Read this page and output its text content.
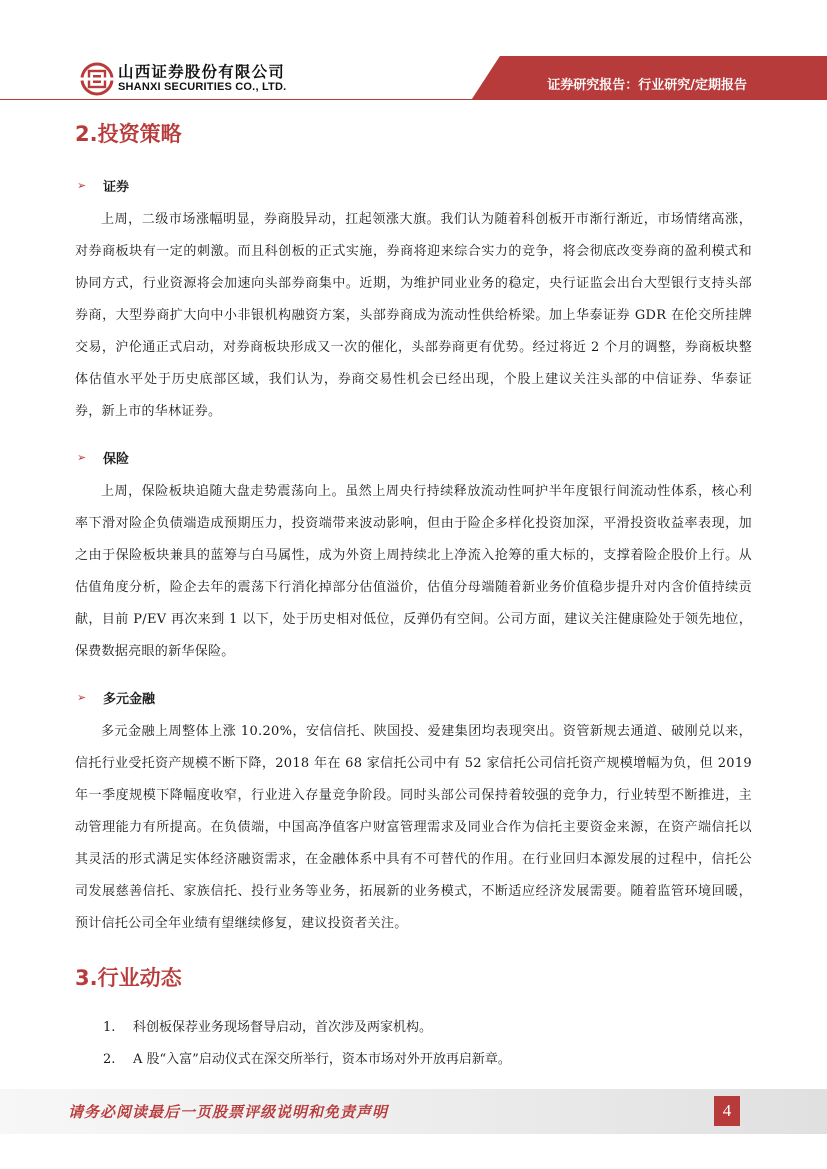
山西证券股份有限公司
SHANXI SECURITIES CO., LTD.	证券研究报告：行业研究/定期报告
2.投资策略
➢	证券

上周，二级市场涨幅明显，券商股异动，扛起领涨大旗。我们认为随着科创板开市渐行渐近，市场情绪高涨，对券商板块有一定的刺激。而且科创板的正式实施，券商将迎来综合实力的竞争，将会彻底改变券商的盈利模式和协同方式，行业资源将会加速向头部券商集中。近期，为维护同业业务的稳定，央行证监会出台大型银行支持头部券商，大型券商扩大向中小非银机构融资方案，头部券商成为流动性供给桥梁。加上华泰证券 GDR 在伦交所挂牌交易，沪伦通正式启动，对券商板块形成又一次的催化，头部券商更有优势。经过将近 2 个月的调整，券商板块整体估值水平处于历史底部区域，我们认为，券商交易性机会已经出现，个股上建议关注头部的中信证券、华泰证券，新上市的华林证券。

➢	保险

上周，保险板块追随大盘走势震荡向上。虽然上周央行持续释放流动性呵护半年度银行间流动性体系，核心利率下滑对险企负债端造成预期压力，投资端带来波动影响，但由于险企多样化投资加深，平滑投资收益率表现，加之由于保险板块兼具的蓝筹与白马属性，成为外资上周持续北上净流入抢筹的重大标的，支撑着险企股价上行。从估值角度分析，险企去年的震荡下行消化掉部分估值溢价，估值分母端随着新业务价值稳步提升对内含价值持续贡献，目前 P/EV 再次来到 1 以下，处于历史相对低位，反弹仍有空间。公司方面，建议关注健康险处于领先地位，保费数据亮眼的新华保险。

➢	多元金融

多元金融上周整体上涨 10.20%，安信信托、陕国投、爱建集团均表现突出。资管新规去通道、破刚兑以来，信托行业受托资产规模不断下降，2018 年在 68 家信托公司中有 52 家信托公司信托资产规模增幅为负，但 2019 年一季度规模下降幅度收窄，行业进入存量竞争阶段。同时头部公司保持着较强的竞争力，行业转型不断推进，主动管理能力有所提高。在负债端，中国高净值客户财富管理需求及同业合作为信托主要资金来源，在资产端信托以其灵活的形式满足实体经济融资需求，在金融体系中具有不可替代的作用。在行业回归本源发展的过程中，信托公司发展慈善信托、家族信托、投行业务等业务，拓展新的业务模式，不断适应经济发展需要。随着监管环境回暖，预计信托公司全年业绩有望继续修复，建议投资者关注。

3.行业动态
1.	科创板保荐业务现场督导启动，首次涉及两家机构。
2.	A 股“入富”启动仪式在深交所举行，资本市场对外开放再启新章。
请务必阅读最后一页股票评级说明和免责声明	4
